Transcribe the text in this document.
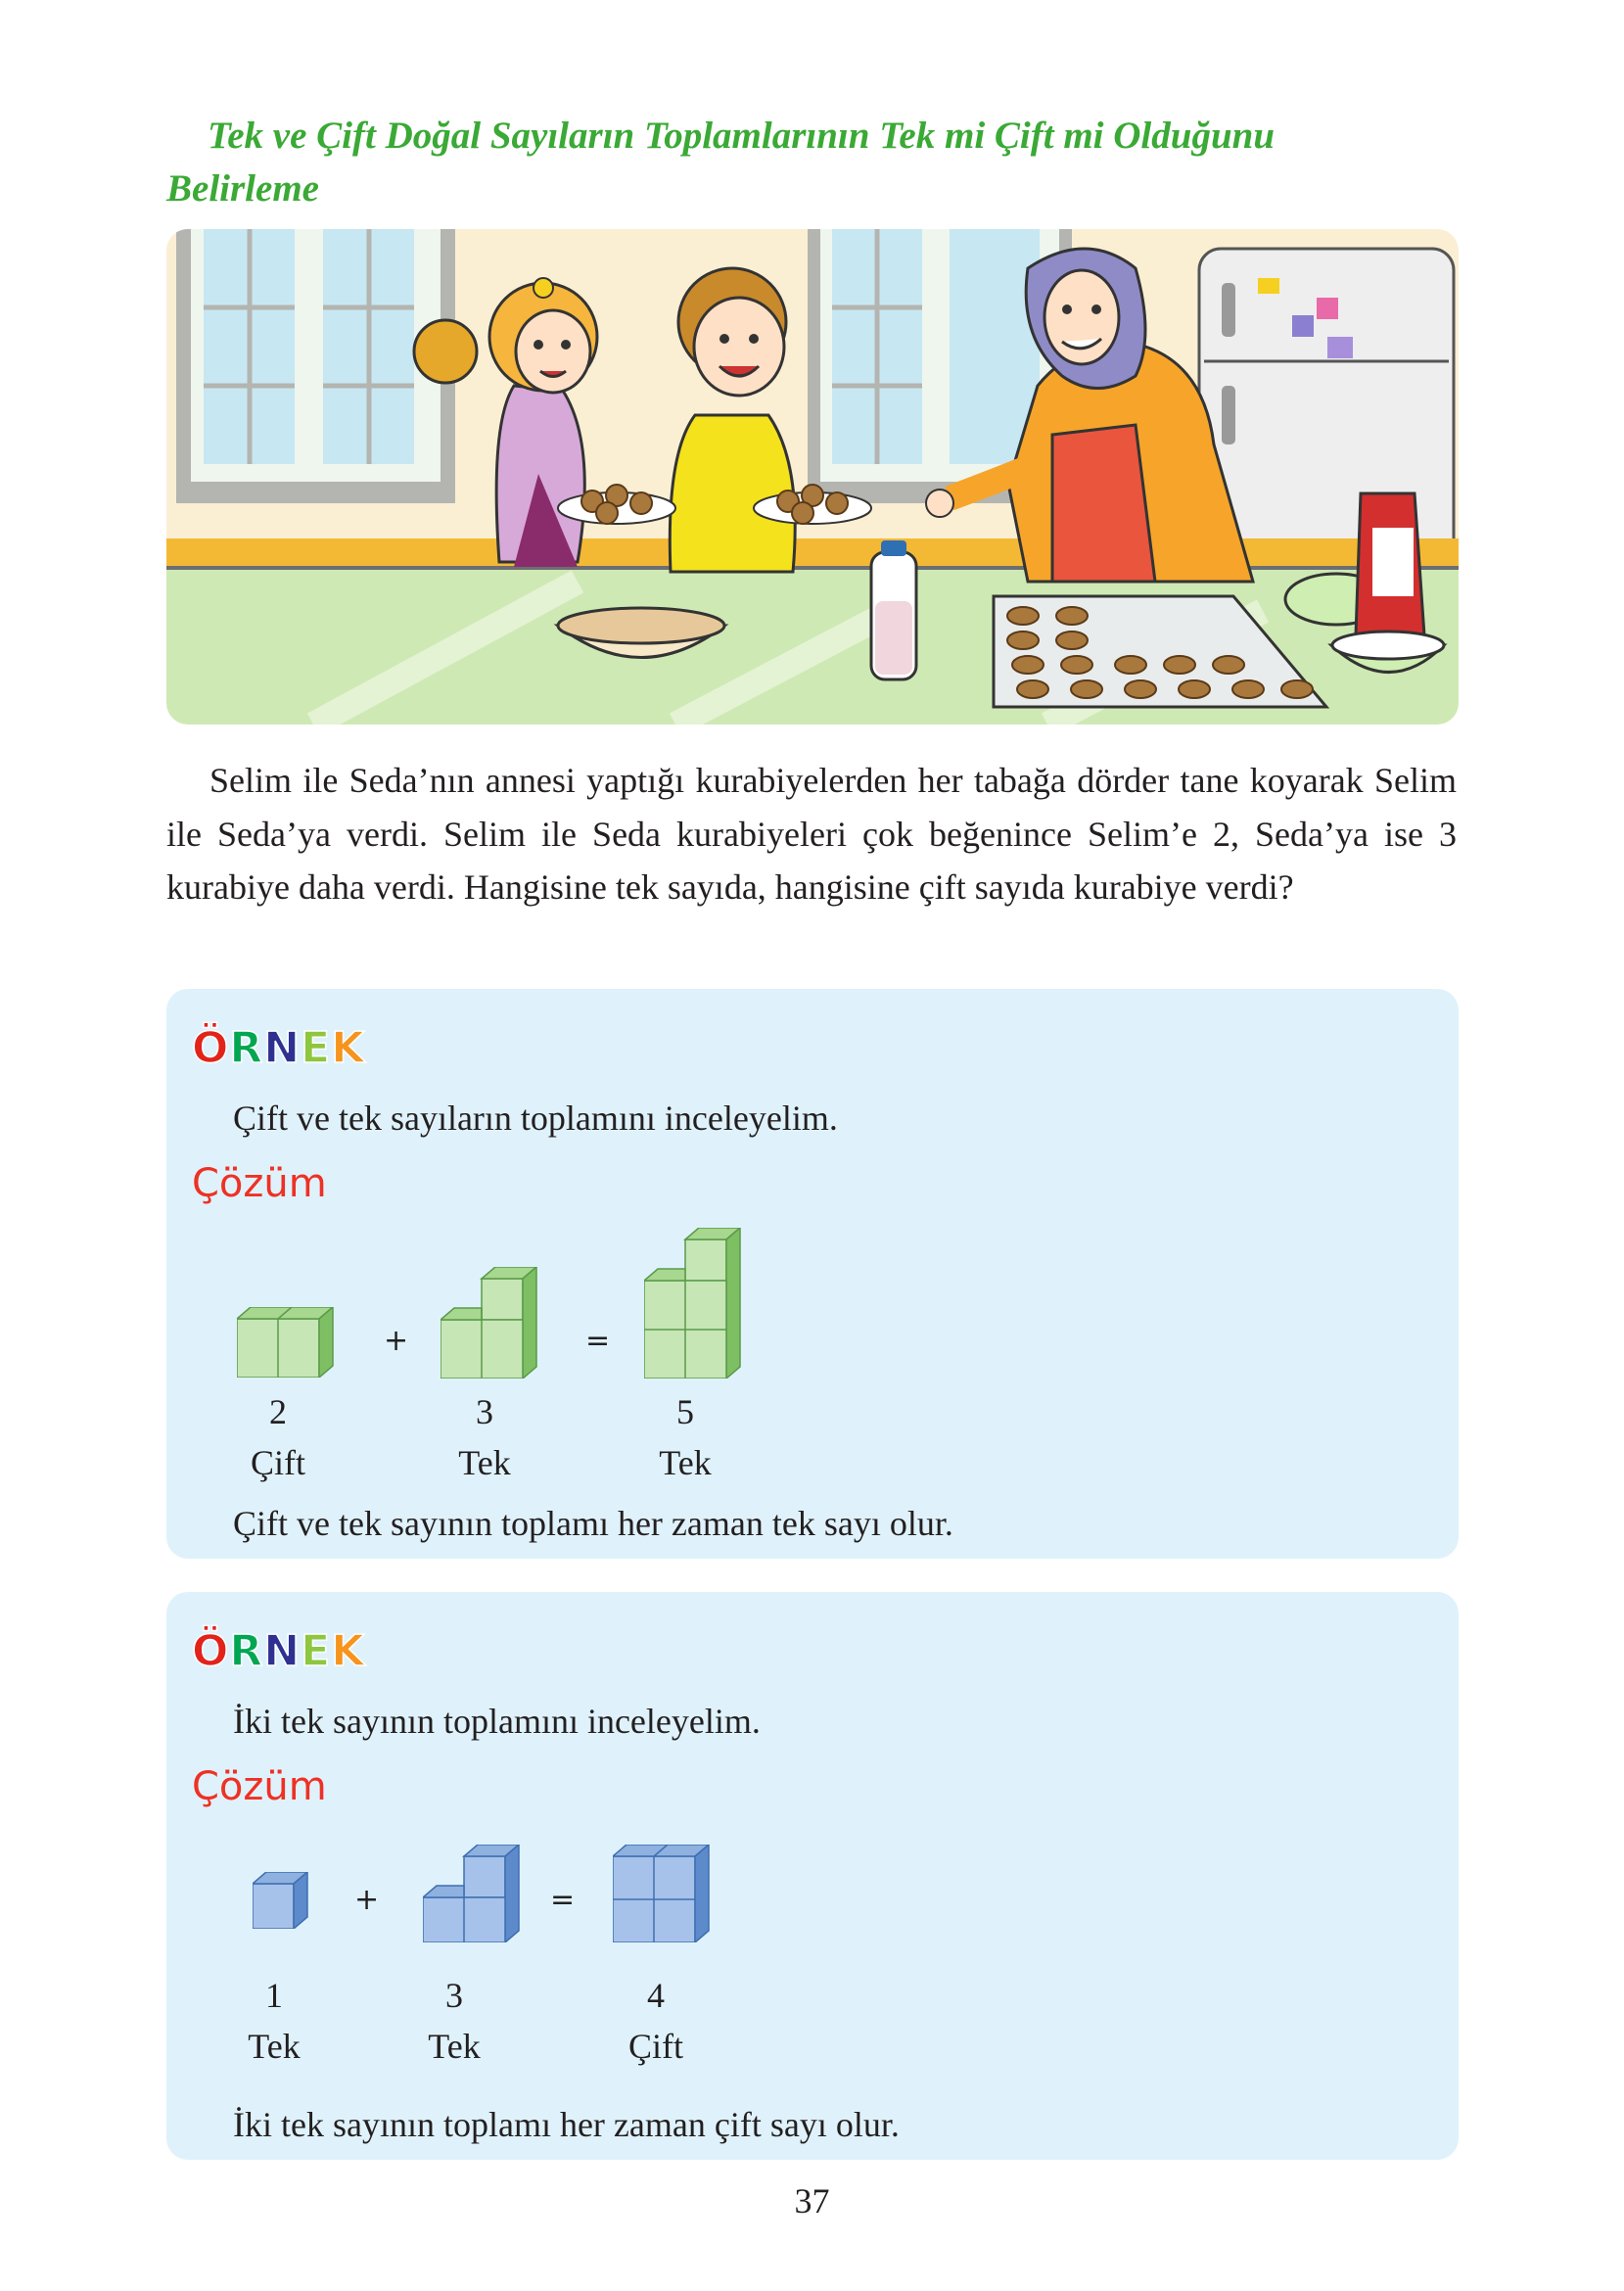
Tek ve Çift Doğal Sayıların Toplamlarının Tek mi Çift mi Olduğunu
Belirleme
Selim ile Seda’nın annesi yaptığı kurabiyelerden her tabağa dörder tane koyarak Selim ile Seda’ya verdi. Selim ile Seda kurabiyeleri çok beğenince Selim’e 2, Seda’ya ise 3 kurabiye daha verdi. Hangisine tek sayıda, hangisine çift sayıda kurabiye verdi?
ÖRNEK
Çift ve tek sayıların toplamını inceleyelim.
Çözüm
+	=
2
Çift
3
Tek
5
Tek
Çift ve tek sayının toplamı her zaman tek sayı olur.
ÖRNEK
İki tek sayının toplamını inceleyelim.
Çözüm
+	=
1
Tek
3
Tek
4
Çift
İki tek sayının toplamı her zaman çift sayı olur.
37
